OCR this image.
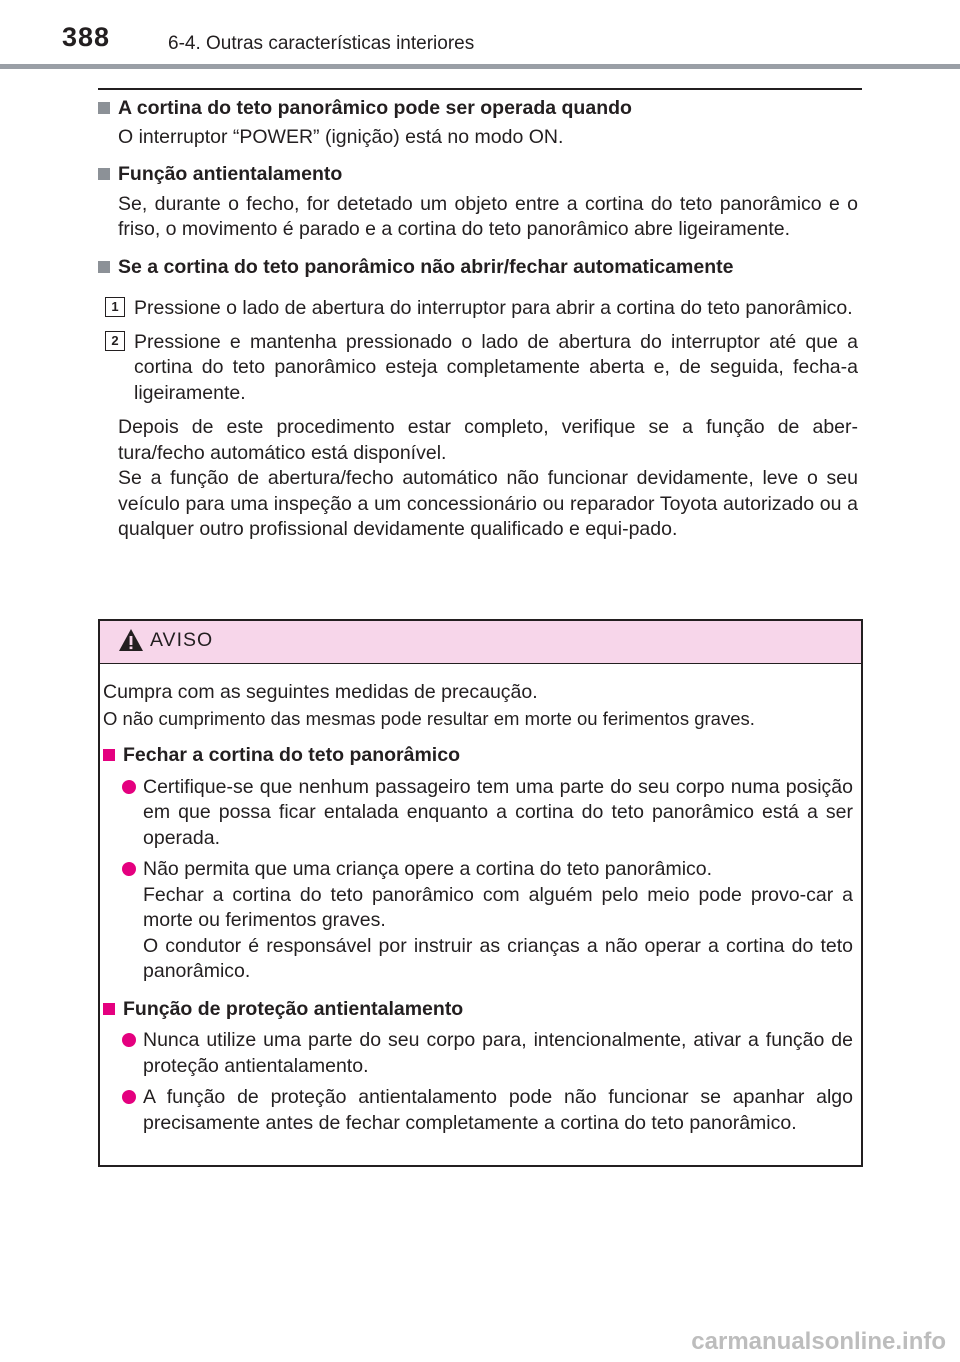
388	6-4. Outras características interiores

A cortina do teto panorâmico pode ser operada quando

O interruptor “POWER” (ignição) está no modo ON.

Função antientalamento

Se, durante o fecho, for detetado um objeto entre a cortina do teto panorâmico e o friso, o movimento é parado e a cortina do teto panorâmico abre ligeiramente.

Se a cortina do teto panorâmico não abrir/fechar automaticamente

1 Pressione o lado de abertura do interruptor para abrir a cortina do teto panorâmico.
2 Pressione e mantenha pressionado o lado de abertura do interruptor até que a cortina do teto panorâmico esteja completamente aberta e, de seguida, fecha-a ligeiramente.

Depois de este procedimento estar completo, verifique se a função de aber-tura/fecho automático está disponível.

Se a função de abertura/fecho automático não funcionar devidamente, leve o seu veículo para uma inspeção a um concessionário ou reparador Toyota autorizado ou a qualquer outro profissional devidamente qualificado e equi-pado.

AVISO
Cumpra com as seguintes medidas de precaução.
O não cumprimento das mesmas pode resultar em morte ou ferimentos graves.

Fechar a cortina do teto panorâmico

Certifique-se que nenhum passageiro tem uma parte do seu corpo numa posição em que possa ficar entalada enquanto a cortina do teto panorâmico está a ser operada.
Não permita que uma criança opere a cortina do teto panorâmico.
Fechar a cortina do teto panorâmico com alguém pelo meio pode provo-car a morte ou ferimentos graves.
O condutor é responsável por instruir as crianças a não operar a cortina do teto panorâmico.

Função de proteção antientalamento

Nunca utilize uma parte do seu corpo para, intencionalmente, ativar a função de proteção antientalamento.
A função de proteção antientalamento pode não funcionar se apanhar algo precisamente antes de fechar completamente a cortina do teto panorâmico.
carmanualsonline.info
